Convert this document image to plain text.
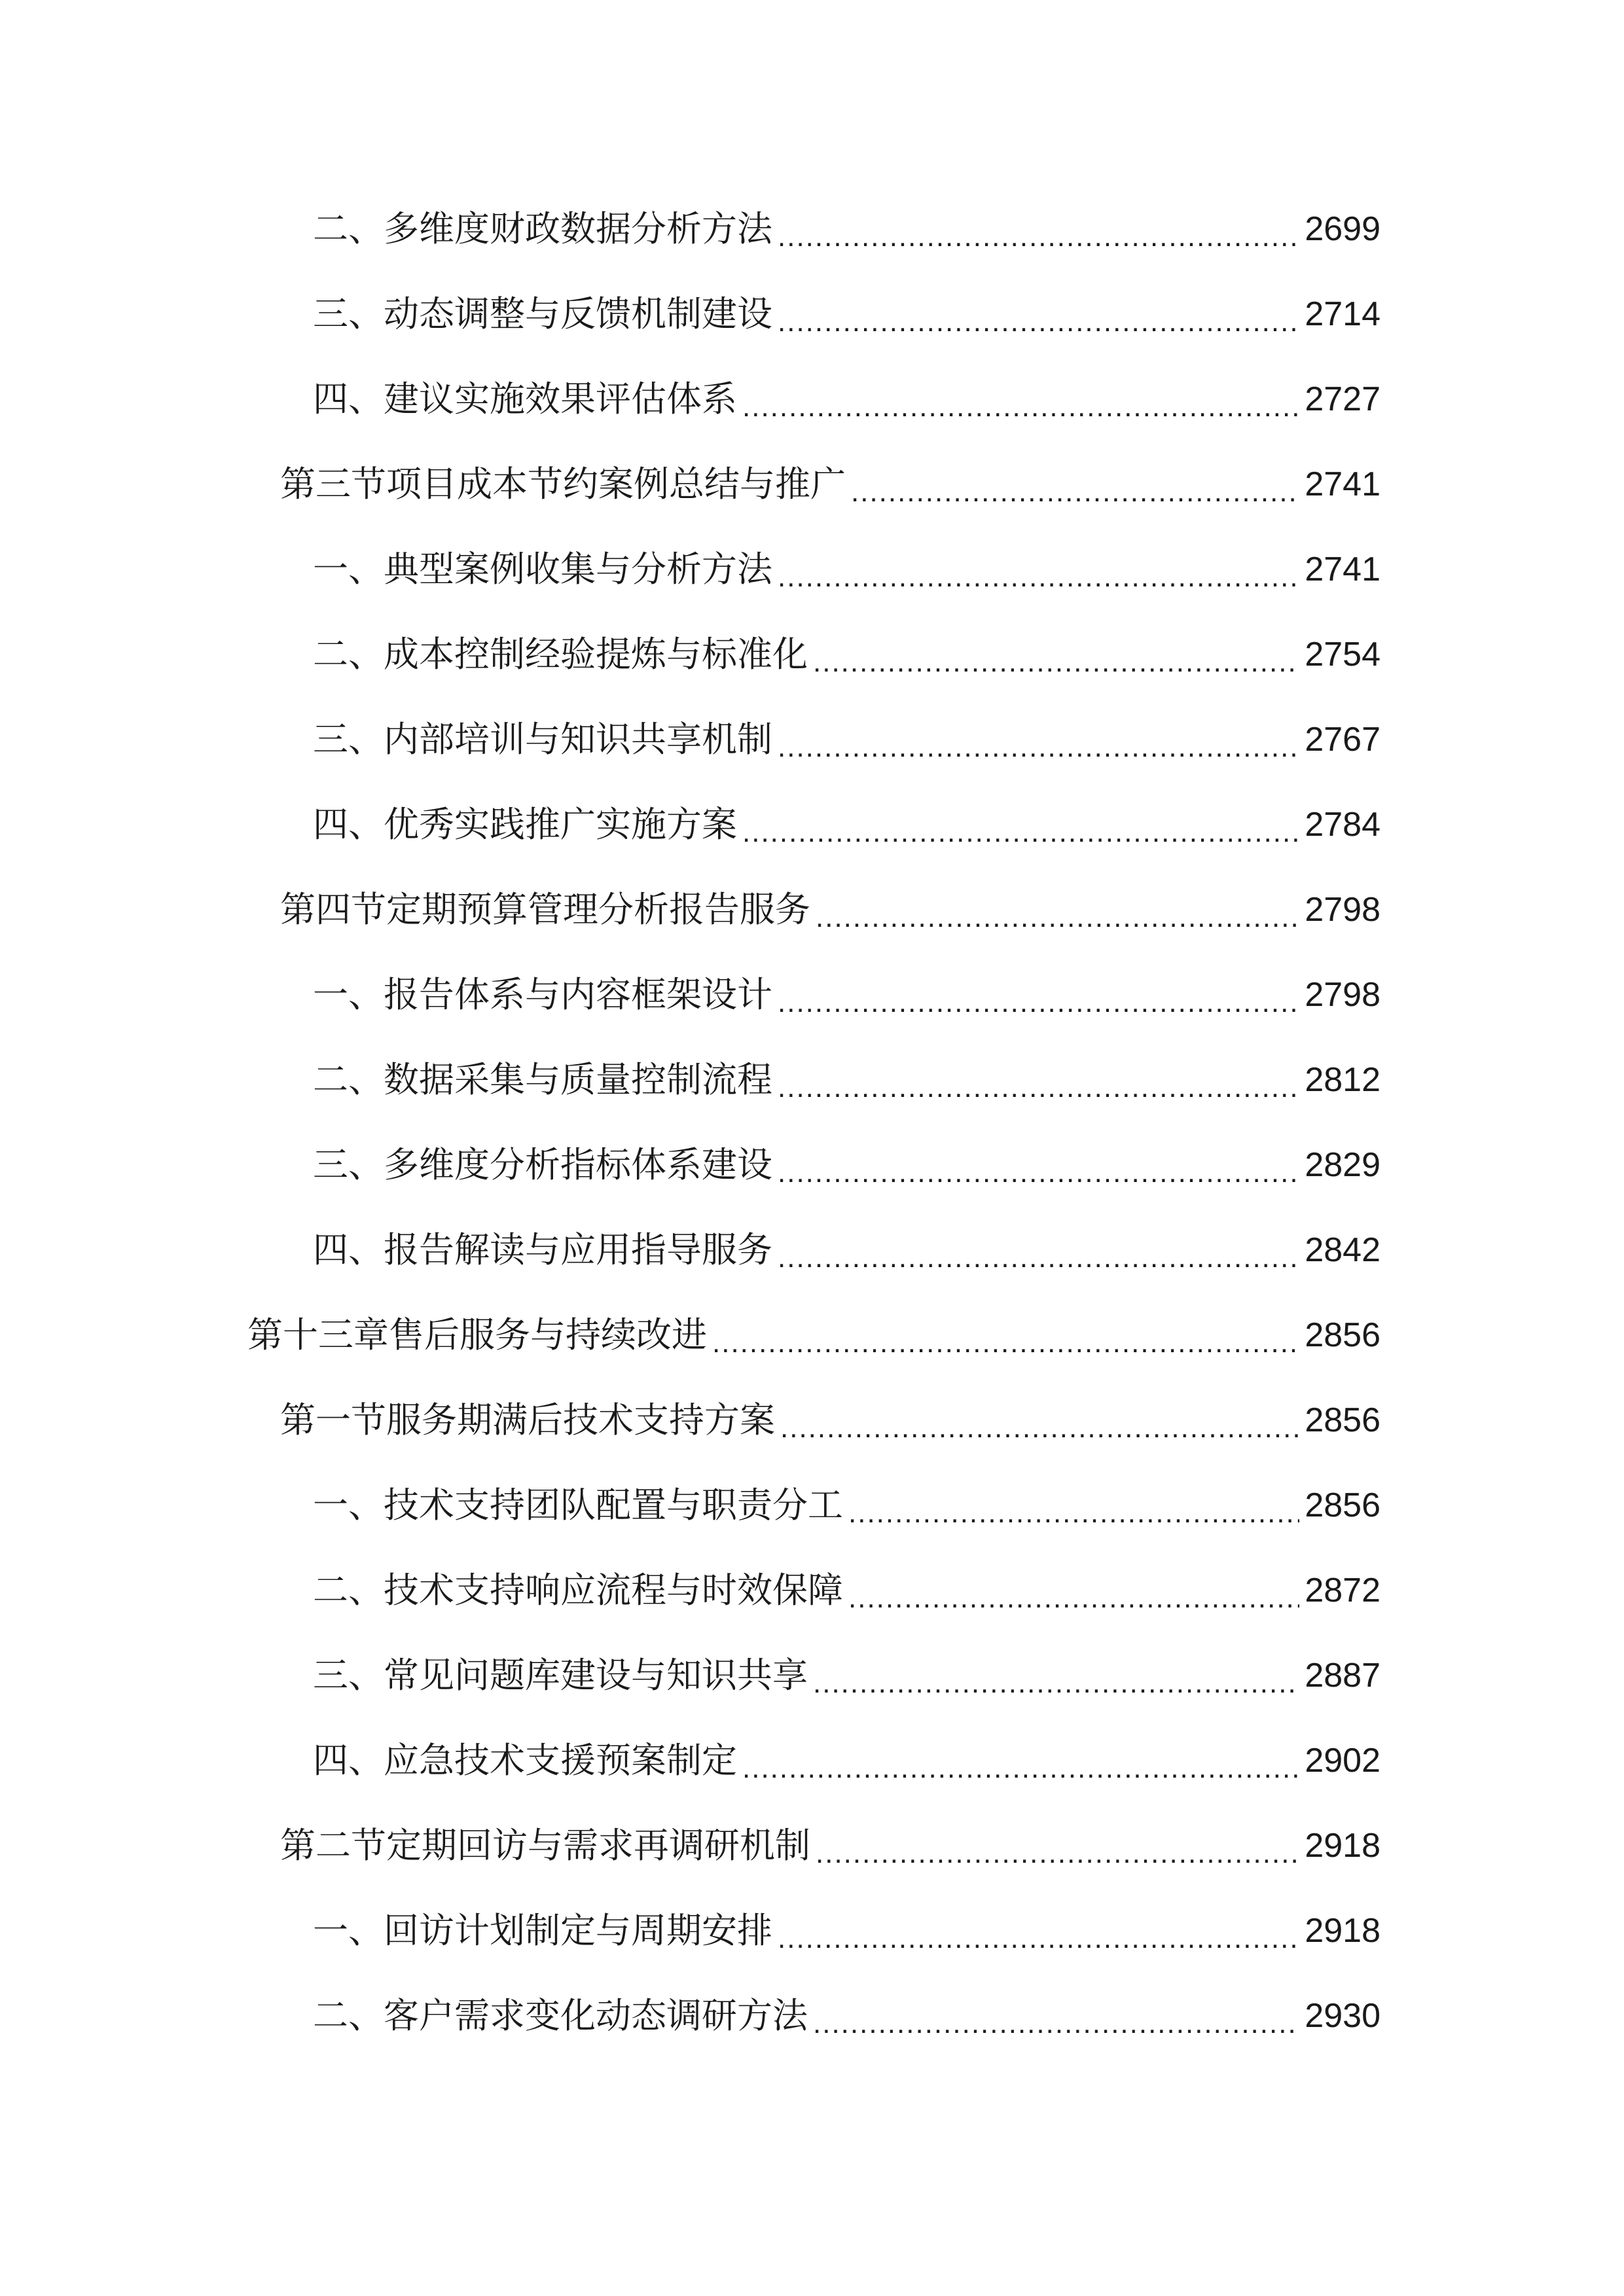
二、多维度财政数据分析方法 .....	2699
三、动态调整与反馈机制建设 .....	2714
四、建议实施效果评估体系 .....	2727
第三节项目成本节约案例总结与推广 .....	2741
一、典型案例收集与分析方法 .....	2741
二、成本控制经验提炼与标准化 .....	2754
三、内部培训与知识共享机制 .....	2767
四、优秀实践推广实施方案 .....	2784
第四节定期预算管理分析报告服务 .....	2798
一、报告体系与内容框架设计 .....	2798
二、数据采集与质量控制流程 .....	2812
三、多维度分析指标体系建设 .....	2829
四、报告解读与应用指导服务 .....	2842
第十三章售后服务与持续改进 .....	2856
第一节服务期满后技术支持方案 .....	2856
一、技术支持团队配置与职责分工 .....	2856
二、技术支持响应流程与时效保障 .....	2872
三、常见问题库建设与知识共享 .....	2887
四、应急技术支援预案制定 .....	2902
第二节定期回访与需求再调研机制 .....	2918
一、回访计划制定与周期安排 .....	2918
二、客户需求变化动态调研方法 .....	2930
